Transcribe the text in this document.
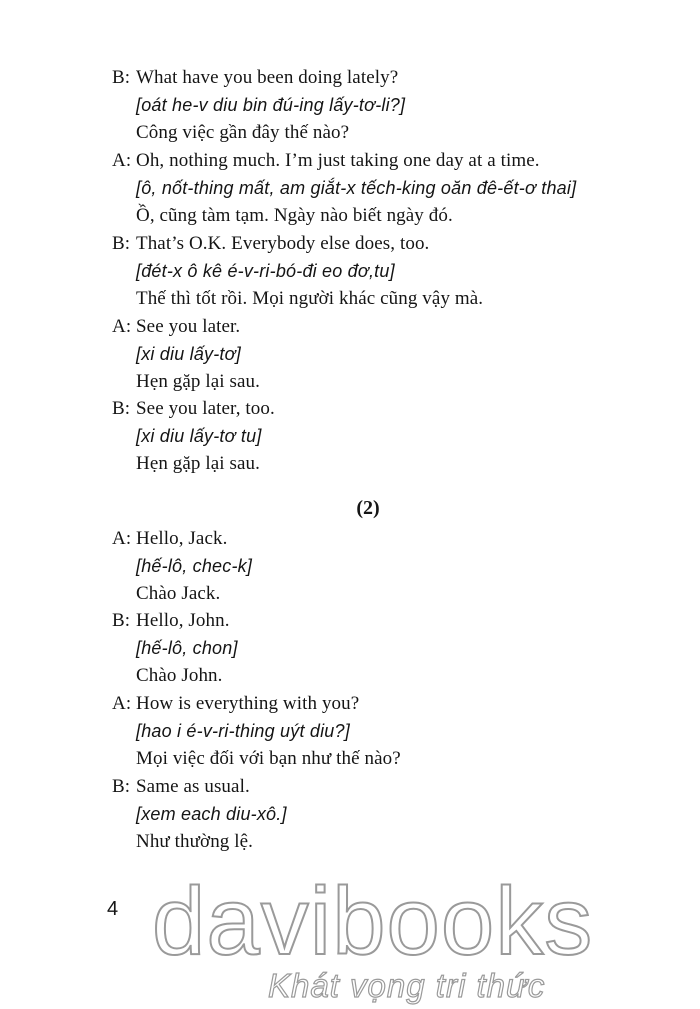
B: What have you been doing lately?
[oát he-v diu bin đú-ing lấy-tơ-li?]
Công việc gần đây thế nào?
A: Oh, nothing much. I’m just taking one day at a time.
[ô, nốt-thing mất, am giắt-x tếch-king oăn đê-ết-ơ thai]
Ồ, cũng tàm tạm. Ngày nào biết ngày đó.
B: That’s O.K. Everybody else does, too.
[đét-x ô kê é-v-ri-bó-đi eo đơ,tu]
Thế thì tốt rồi. Mọi người khác cũng vậy mà.
A: See you later.
[xi diu lấy-tơ]
Hẹn gặp lại sau.
B: See you later, too.
[xi diu lấy-tơ tu]
Hẹn gặp lại sau.
(2)
A: Hello, Jack.
[hế-lô, chec-k]
Chào Jack.
B: Hello, John.
[hế-lô, chon]
Chào John.
A: How is everything with you?
[hao i é-v-ri-thing uýt diu?]
Mọi việc đối với bạn như thế nào?
B: Same as usual.
[xem each diu-xô.]
Như thường lệ.
4 davibooks
Khát vọng tri thức
